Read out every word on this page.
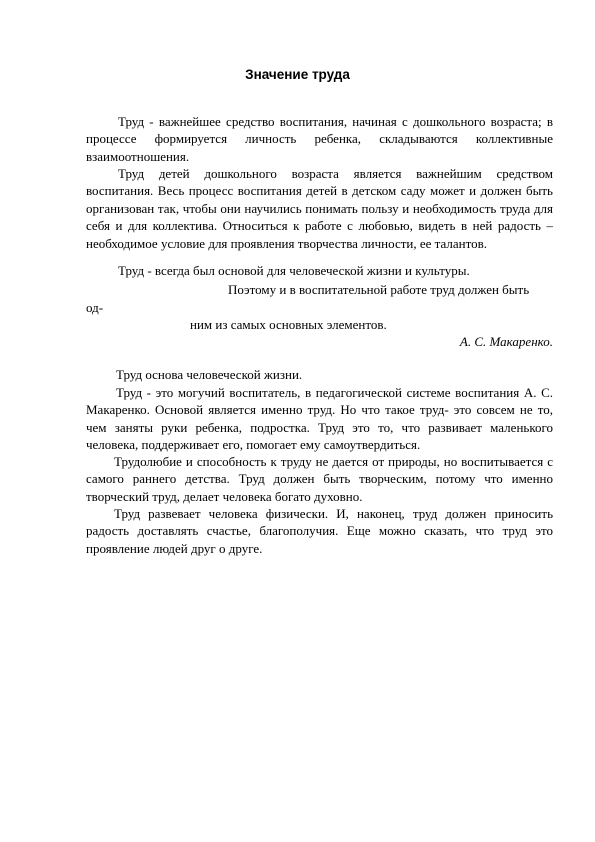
Значение труда

Труд - важнейшее средство воспитания, начиная с дошкольного возраста; в процессе формируется личность ребенка, складываются коллективные взаимоотношения.

Труд детей дошкольного возраста является важнейшим средством воспитания. Весь процесс воспитания детей в детском саду может и должен быть организован так, чтобы они научились понимать пользу и необходимость труда для себя и для коллектива. Относиться к работе с любовью, видеть в ней радость – необходимое условие для проявления творчества личности, ее талантов.

Труд - всегда был основой для человеческой жизни и культуры.

Поэтому и в воспитательной работе труд должен быть

од-

ним из самых основных элементов.

А. С. Макаренко.

Труд основа человеческой жизни.

Труд - это могучий воспитатель, в педагогической системе воспитания А. С. Макаренко. Основой является именно труд. Но что такое труд- это совсем не то, чем заняты руки ребенка, подростка. Труд это то, что развивает маленького человека, поддерживает его, помогает ему самоутвердиться.

Трудолюбие и способность к труду не дается от природы, но воспитывается с самого раннего детства. Труд должен быть творческим, потому что именно творческий труд, делает человека богато духовно.

Труд развевает человека физически. И, наконец, труд должен приносить радость доставлять счастье, благополучия. Еще можно сказать, что труд это проявление людей друг о друге.
